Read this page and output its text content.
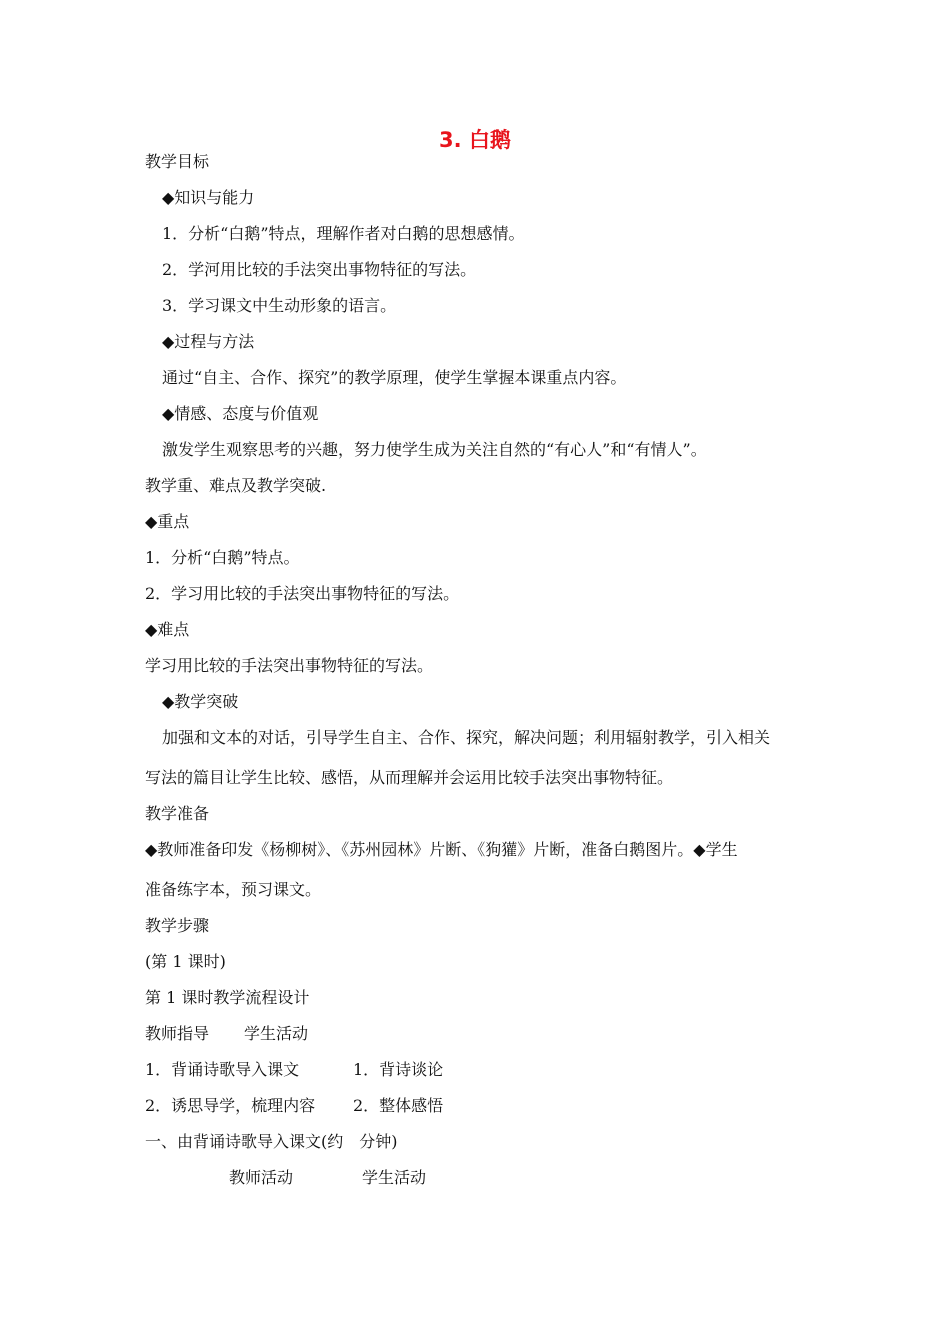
3. 白鹅
教学目标
◆知识与能力
1．分析“白鹅”特点，理解作者对白鹅的思想感情。
2．学河用比较的手法突出事物特征的写法。
3．学习课文中生动形象的语言。
◆过程与方法
通过“自主、合作、探究”的教学原理，使学生掌握本课重点内容。
◆情感、态度与价值观
激发学生观察思考的兴趣，努力使学生成为关注自然的“有心人”和“有情人”。
教学重、难点及教学突破.
◆重点
1．分析“白鹅”特点。
2．学习用比较的手法突出事物特征的写法。
◆难点
学习用比较的手法突出事物特征的写法。
◆教学突破
加强和文本的对话，引导学生自主、合作、探究，解决问题；利用辐射教学，引入相关
写法的篇目让学生比较、感悟，从而理解并会运用比较手法突出事物特征。
教学准备
◆教师准备印发《杨柳树》、《苏州园林》片断、《狗獾》片断，准备白鹅图片。◆学生
准备练字本，预习课文。
教学步骤
(第 1 课时)
第 1 课时教学流程设计
教师指导 学生活动
1．背诵诗歌导入课文	1．背诗谈论
2．诱思导学，梳理内容 2．整体感悟
一、由背诵诗歌导入课文(约　分钟)
教师活动	学生活动
